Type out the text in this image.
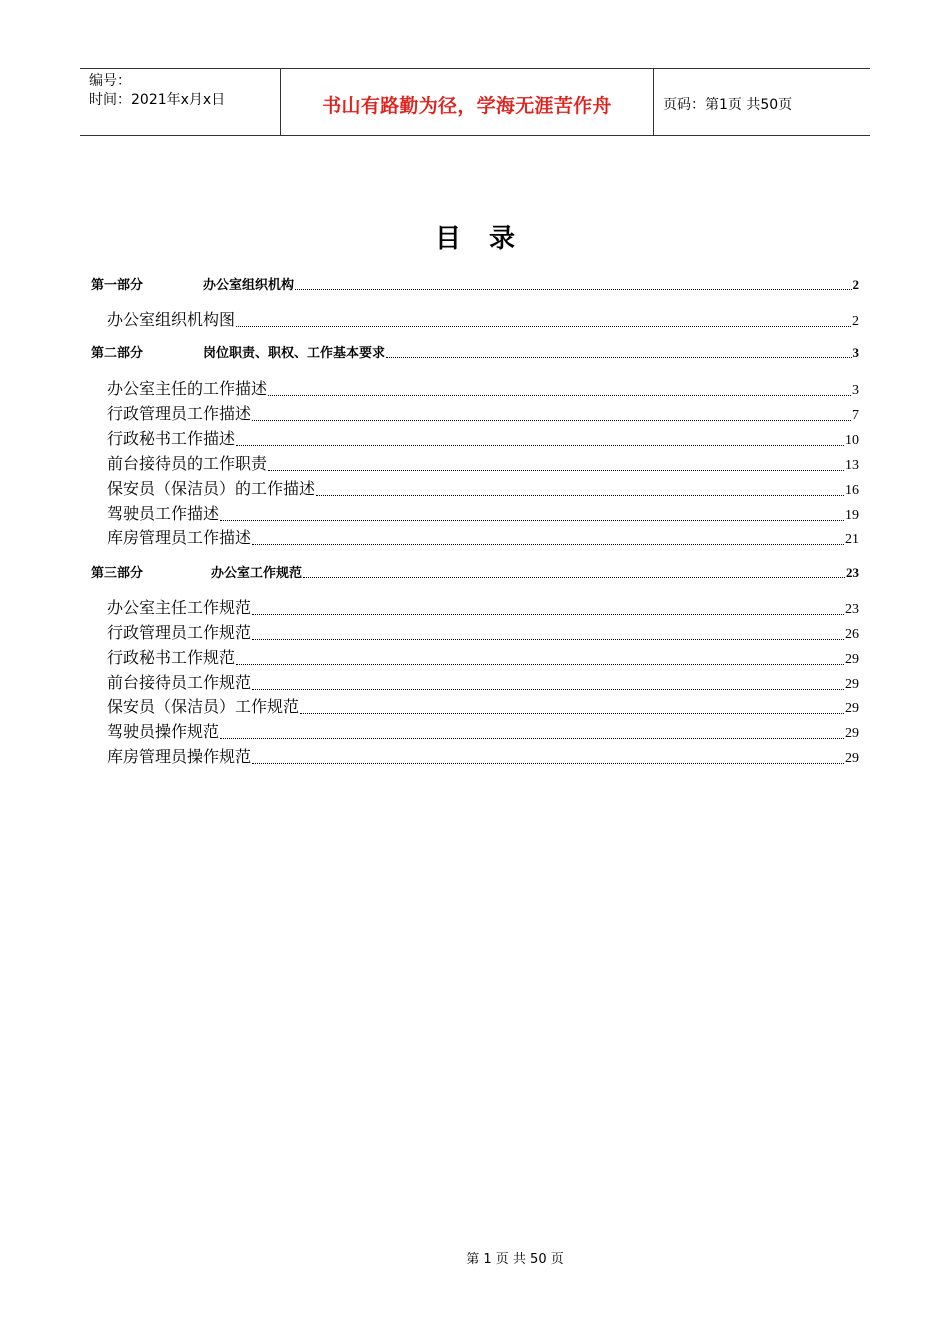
编号：
时间：2021年x月x日	书山有路勤为径，学海无涯苦作舟	页码：第1页 共50页
目录
第一部分	办公室组织机构	2
办公室组织机构图	2
第二部分	岗位职责、职权、工作基本要求	3
办公室主任的工作描述	3
行政管理员工作描述	7
行政秘书工作描述	10
前台接待员的工作职责	13
保安员（保洁员）的工作描述	16
驾驶员工作描述	19
库房管理员工作描述	21
第三部分	办公室工作规范	23
办公室主任工作规范	23
行政管理员工作规范	26
行政秘书工作规范	29
前台接待员工作规范	29
保安员（保洁员）工作规范	29
驾驶员操作规范	29
库房管理员操作规范	29
第 1 页 共 50 页
